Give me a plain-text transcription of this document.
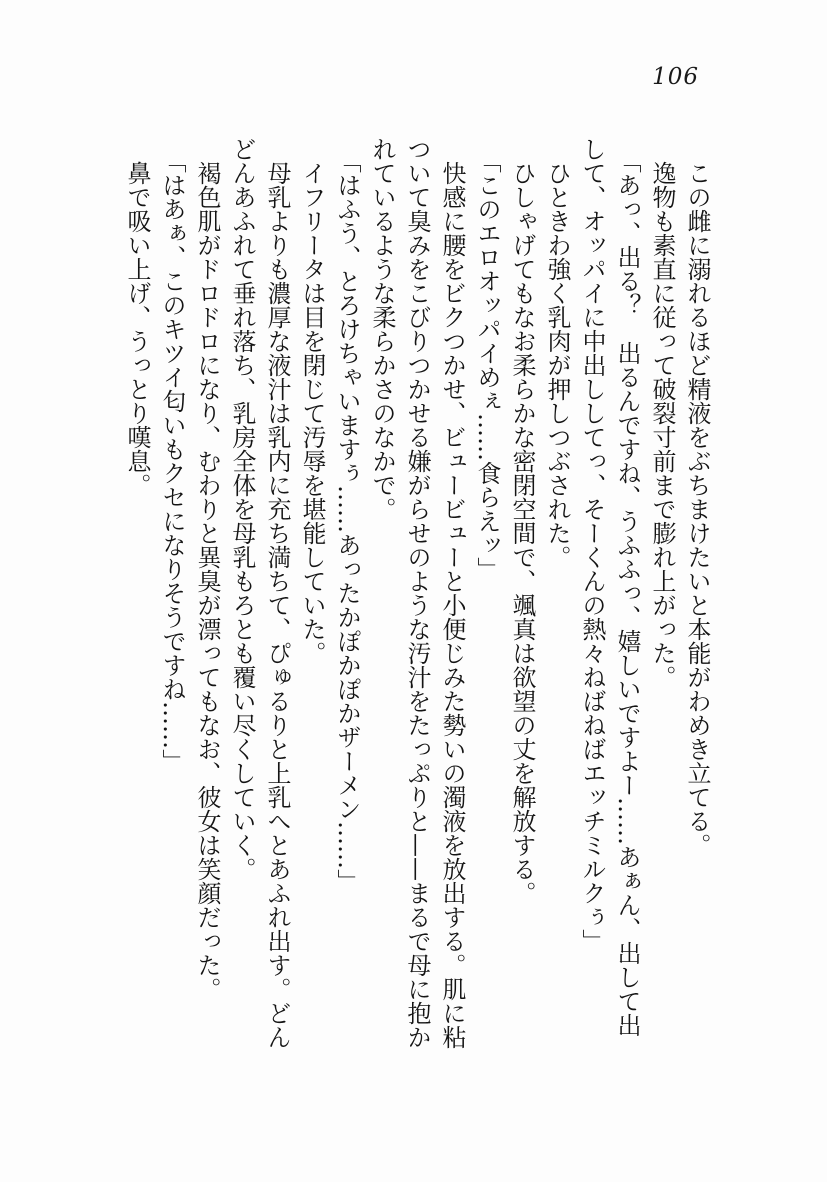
106

この雌に溺れるほど精液をぶちまけたいと本能がわめき立てる。

逸物も素直に従って破裂寸前まで膨れ上がった。

「あっ、出る？　出るんですね、うふふっ、嬉しいですよー……あぁん、出して出して、オッパイに中出ししてっ、そーくんの熱々ねばねばエッチミルクぅ」

ひときわ強く乳肉が押しつぶされた。

ひしゃげてもなお柔らかな密閉空間で、颯真は欲望の丈を解放する。

「このエロオッパイめぇ……食らえッ」

快感に腰をビクつかせ、ビュービューと小便じみた勢いの濁液を放出する。肌に粘ついて臭みをこびりつかせる嫌がらせのような汚汁をたっぷりと——まるで母に抱かれているような柔らかさのなかで。

「はふう、とろけちゃいますぅ……あったかぽかぽかザーメン……」

イフリータは目を閉じて汚辱を堪能していた。

母乳よりも濃厚な液汁は乳内に充ち満ちて、ぴゅるりと上乳へとあふれ出す。どんどんあふれて垂れ落ち、乳房全体を母乳もろとも覆い尽くしていく。

褐色肌がドロドロになり、むわりと異臭が漂ってもなお、彼女は笑顔だった。

「はあぁ、このキツイ匂いもクセになりそうですね……」

鼻で吸い上げ、うっとり嘆息。
